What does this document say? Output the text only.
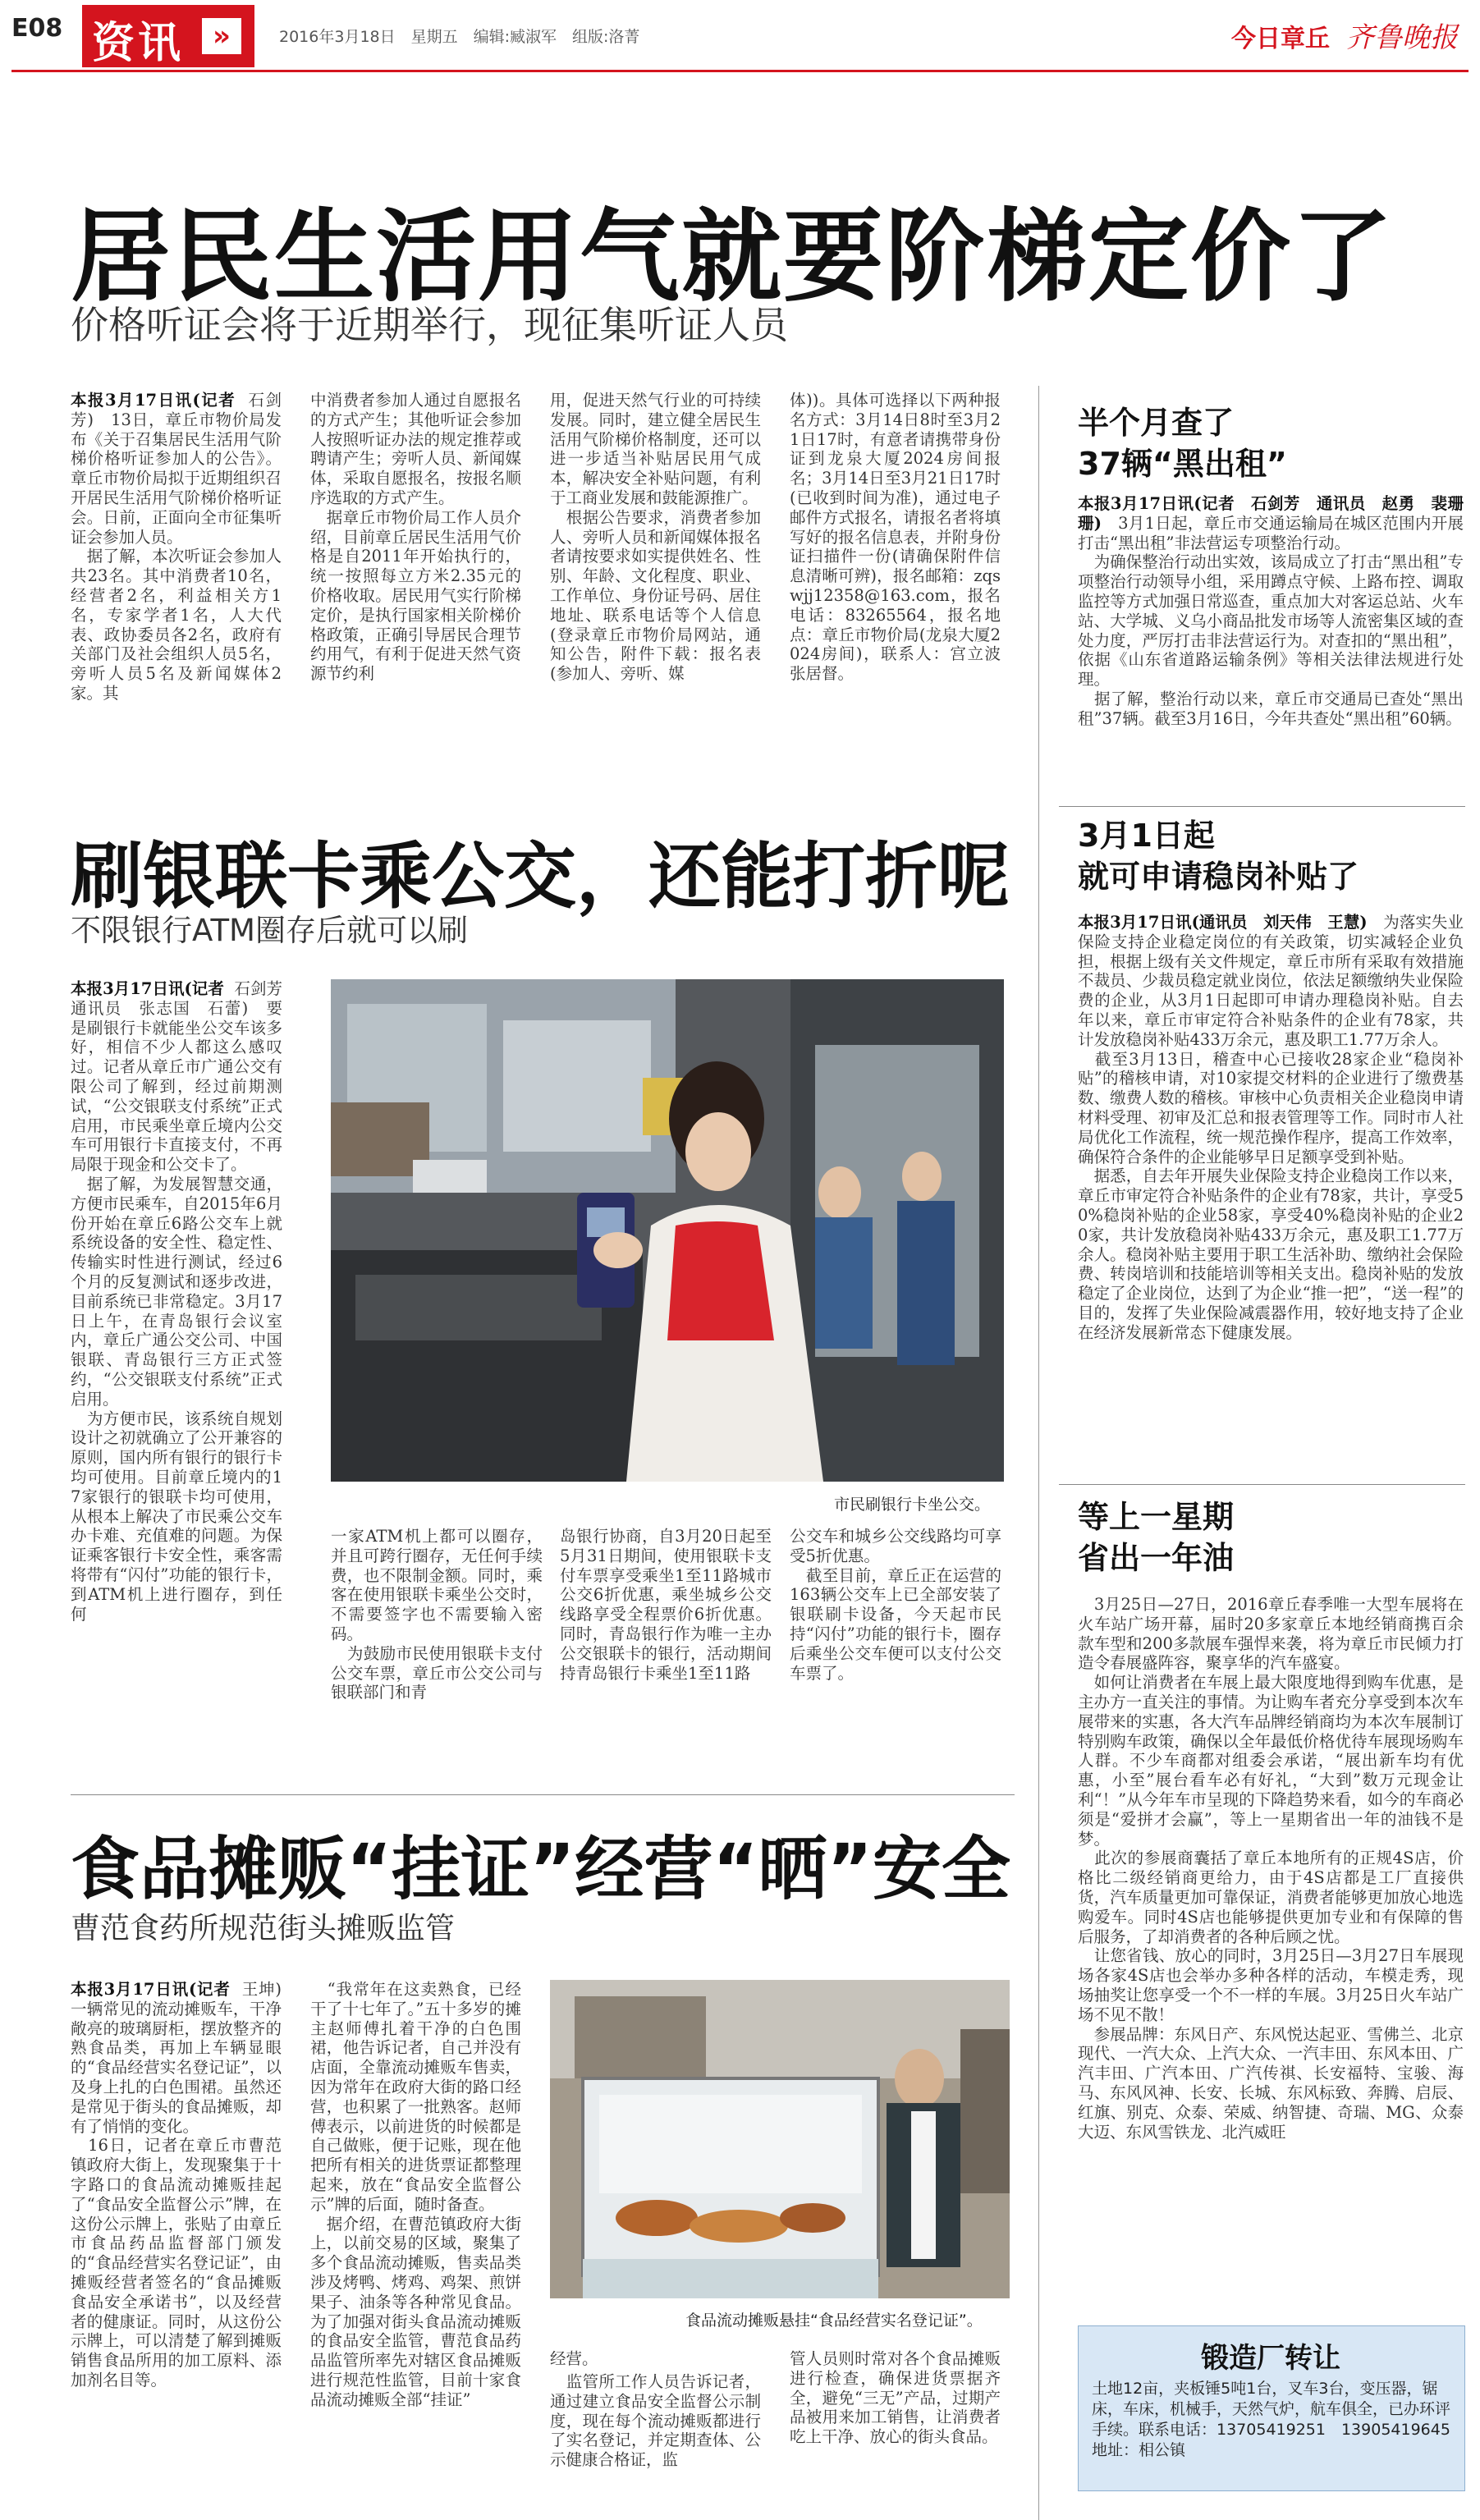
E08 资讯	»	2016年3月18日　星期五　编辑:臧淑军　组版:洛菁	今日章丘 齐鲁晚报
居民生活用气就要阶梯定价了
价格听证会将于近期举行，现征集听证人员
本报3月17日讯(记者  石剑芳)　13日，章丘市物价局发布《关于召集居民生活用气阶梯价格听证参加人的公告》。章丘市物价局拟于近期组织召开居民生活用气阶梯价格听证会。日前，正面向全市征集听证会参加人员。
　据了解，本次听证会参加人共23名。其中消费者10名，经营者2名，利益相关方1名，专家学者1名，人大代表、政协委员各2名，政府有关部门及社会组织人员5名，旁听人员5名及新闻媒体2家。其
中消费者参加人通过自愿报名的方式产生；其他听证会参加人按照听证办法的规定推荐或聘请产生；旁听人员、新闻媒体，采取自愿报名，按报名顺序选取的方式产生。
　据章丘市物价局工作人员介绍，目前章丘居民生活用气价格是自2011年开始执行的，统一按照每立方米2.35元的价格收取。居民用气实行阶梯定价，是执行国家相关阶梯价格政策，正确引导居民合理节约用气，有利于促进天然气资源节约利
用，促进天然气行业的可持续发展。同时，建立健全居民生活用气阶梯价格制度，还可以进一步适当补贴居民用气成本，解决安全补贴问题，有利于工商业发展和鼓能源推广。
　根据公告要求，消费者参加人、旁听人员和新闻媒体报名者请按要求如实提供姓名、性别、年龄、文化程度、职业、工作单位、身份证号码、居住地址、联系电话等个人信息(登录章丘市物价局网站，通知公告，附件下载：报名表(参加人、旁听、媒
体))。具体可选择以下两种报名方式：3月14日8时至3月21日17时，有意者请携带身份证到龙泉大厦2024房间报名；3月14日至3月21日17时(已收到时间为准)，通过电子邮件方式报名，请报名者将填写好的报名信息表，并附身份证扫描件一份(请确保附件信息清晰可辨)，报名邮箱：zqswjj12358@163.com，报名电话：83265564，报名地点：章丘市物价局(龙泉大厦2024房间)，联系人：宫立波　张居督。
半个月查了
37辆“黑出租”
本报3月17日讯(记者　石剑芳　通讯员　赵勇　裴珊珊)　3月1日起，章丘市交通运输局在城区范围内开展打击“黑出租”非法营运专项整治行动。
　为确保整治行动出实效，该局成立了打击“黑出租”专项整治行动领导小组，采用蹲点守候、上路布控、调取监控等方式加强日常巡查，重点加大对客运总站、火车站、大学城、义乌小商品批发市场等人流密集区域的查处力度，严厉打击非法营运行为。对查扣的“黑出租”，依据《山东省道路运输条例》等相关法律法规进行处理。
　据了解，整治行动以来，章丘市交通局已查处“黑出租”37辆。截至3月16日，今年共查处“黑出租”60辆。
刷银联卡乘公交，还能打折呢
不限银行ATM圈存后就可以刷
本报3月17日讯(记者  石剑芳　通讯员　张志国　石蕾)　要是刷银行卡就能坐公交车该多好，相信不少人都这么感叹过。记者从章丘市广通公交有限公司了解到，经过前期测试，“公交银联支付系统”正式启用，市民乘坐章丘境内公交车可用银行卡直接支付，不再局限于现金和公交卡了。
　据了解，为发展智慧交通，方便市民乘车，自2015年6月份开始在章丘6路公交车上就系统设备的安全性、稳定性、传输实时性进行测试，经过6个月的反复测试和逐步改进，目前系统已非常稳定。3月17日上午，在青岛银行会议室内，章丘广通公交公司、中国银联、青岛银行三方正式签约，“公交银联支付系统”正式启用。
　为方便市民，该系统自规划设计之初就确立了公开兼容的原则，国内所有银行的银行卡均可使用。目前章丘境内的17家银行的银联卡均可使用，从根本上解决了市民乘公交车办卡难、充值难的问题。为保证乘客银行卡安全性，乘客需将带有“闪付”功能的银行卡，到ATM机上进行圈存，到任何
市民刷银行卡坐公交。
一家ATM机上都可以圈存，并且可跨行圈存，无任何手续费，也不限制金额。同时，乘客在使用银联卡乘坐公交时，不需要签字也不需要输入密码。
　为鼓励市民使用银联卡支付公交车票，章丘市公交公司与银联部门和青
岛银行协商，自3月20日起至5月31日期间，使用银联卡支付车票享受乘坐1至11路城市公交6折优惠，乘坐城乡公交线路享受全程票价6折优惠。同时，青岛银行作为唯一主办公交银联卡的银行，活动期间持青岛银行卡乘坐1至11路
公交车和城乡公交线路均可享受5折优惠。
　截至目前，章丘正在运营的163辆公交车上已全部安装了银联刷卡设备，今天起市民持“闪付”功能的银行卡，圈存后乘坐公交车便可以支付公交车票了。
3月1日起
就可申请稳岗补贴了
本报3月17日讯(通讯员　刘天伟　王慧)　为落实失业保险支持企业稳定岗位的有关政策，切实减轻企业负担，根据上级有关文件规定，章丘市所有采取有效措施不裁员、少裁员稳定就业岗位，依法足额缴纳失业保险费的企业，从3月1日起即可申请办理稳岗补贴。自去年以来，章丘市审定符合补贴条件的企业有78家，共计发放稳岗补贴433万余元，惠及职工1.77万余人。
　截至3月13日，稽查中心已接收28家企业“稳岗补贴”的稽核申请，对10家提交材料的企业进行了缴费基数、缴费人数的稽核。审核中心负责相关企业稳岗申请材料受理、初审及汇总和报表管理等工作。同时市人社局优化工作流程，统一规范操作程序，提高工作效率，确保符合条件的企业能够早日足额享受到补贴。
　据悉，自去年开展失业保险支持企业稳岗工作以来，章丘市审定符合补贴条件的企业有78家，共计，享受50%稳岗补贴的企业58家，享受40%稳岗补贴的企业20家，共计发放稳岗补贴433万余元，惠及职工1.77万余人。稳岗补贴主要用于职工生活补助、缴纳社会保险费、转岗培训和技能培训等相关支出。稳岗补贴的发放稳定了企业岗位，达到了为企业“推一把”，“送一程”的目的，发挥了失业保险减震器作用，较好地支持了企业在经济发展新常态下健康发展。
等上一星期
省出一年油
　3月25日—27日，2016章丘春季唯一大型车展将在火车站广场开幕，届时20多家章丘本地经销商携百余款车型和200多款展车强悍来袭，将为章丘市民倾力打造令春展盛阵容，聚享华的汽车盛宴。
　如何让消费者在车展上最大限度地得到购车优惠，是主办方一直关注的事情。为让购车者充分享受到本次车展带来的实惠，各大汽车品牌经销商均为本次车展制订特别购车政策，确保以全年最低价格优待车展现场购车人群。不少车商都对组委会承诺，“展出新车均有优惠，小至”展台看车必有好礼，“大到”数万元现金让利“！”从今年车市呈现的下降趋势来看，如今的车商必须是“爱拼才会赢”，等上一星期省出一年的油钱不是梦。
　此次的参展商囊括了章丘本地所有的正规4S店，价格比二级经销商更给力，由于4S店都是工厂直接供货，汽车质量更加可靠保证，消费者能够更加放心地选购爱车。同时4S店也能够提供更加专业和有保障的售后服务，了却消费者的各种后顾之忧。
　让您省钱、放心的同时，3月25日—3月27日车展现场各家4S店也会举办多种各样的活动，车模走秀，现场抽奖让您享受一个不一样的车展。3月25日火车站广场不见不散！
　参展品牌：东风日产、东风悦达起亚、雪佛兰、北京现代、一汽大众、上汽大众、一汽丰田、东风本田、广汽丰田、广汽本田、广汽传祺、长安福特、宝骏、海马、东风风神、长安、长城、东风标致、奔腾、启辰、红旗、别克、众泰、荣威、纳智捷、奇瑞、MG、众泰大迈、东风雪铁龙、北汽威旺
锻造厂转让
土地12亩，夹板锤5吨1台，叉车3台，变压器，锯床，车床，机械手，天然气炉，航车俱全，已办环评手续。联系电话：13705419251　13905419645地址：相公镇
食品摊贩“挂证”经营“晒”安全
曹范食药所规范街头摊贩监管
本报3月17日讯(记者  王坤)　一辆常见的流动摊贩车，干净敞亮的玻璃厨柜，摆放整齐的熟食品类，再加上车辆显眼的“食品经营实名登记证”，以及身上扎的白色围裙。虽然还是常见于街头的食品摊贩，却有了悄悄的变化。
　16日，记者在章丘市曹范镇政府大街上，发现聚集于十字路口的食品流动摊贩挂起了“食品安全监督公示”牌，在这份公示牌上，张贴了由章丘市食品药品监督部门颁发的“食品经营实名登记证”，由摊贩经营者签名的“食品摊贩食品安全承诺书”，以及经营者的健康证。同时，从这份公示牌上，可以清楚了解到摊贩销售食品所用的加工原料、添加剂名目等。
　“我常年在这卖熟食，已经干了十七年了。”五十多岁的摊主赵师傅扎着干净的白色围裙，他告诉记者，自己并没有店面，全靠流动摊贩车售卖，因为常年在政府大街的路口经营，也积累了一批熟客。赵师傅表示，以前进货的时候都是自己做账，便于记账，现在他把所有相关的进货票证都整理起来，放在“食品安全监督公示”牌的后面，随时备查。
　据介绍，在曹范镇政府大街上，以前交易的区域，聚集了多个食品流动摊贩，售卖品类涉及烤鸭、烤鸡、鸡架、煎饼果子、油条等各种常见食品。为了加强对街头食品流动摊贩的食品安全监管，曹范食品药品监管所率先对辖区食品摊贩进行规范性监管，目前十家食品流动摊贩全部“挂证”
食品流动摊贩悬挂“食品经营实名登记证”。
经营。
　监管所工作人员告诉记者，通过建立食品安全监督公示制度，现在每个流动摊贩都进行了实名登记，并定期查体、公示健康合格证，监
管人员则时常对各个食品摊贩进行检查，确保进货票据齐全，避免“三无”产品，过期产品被用来加工销售，让消费者吃上干净、放心的街头食品。
